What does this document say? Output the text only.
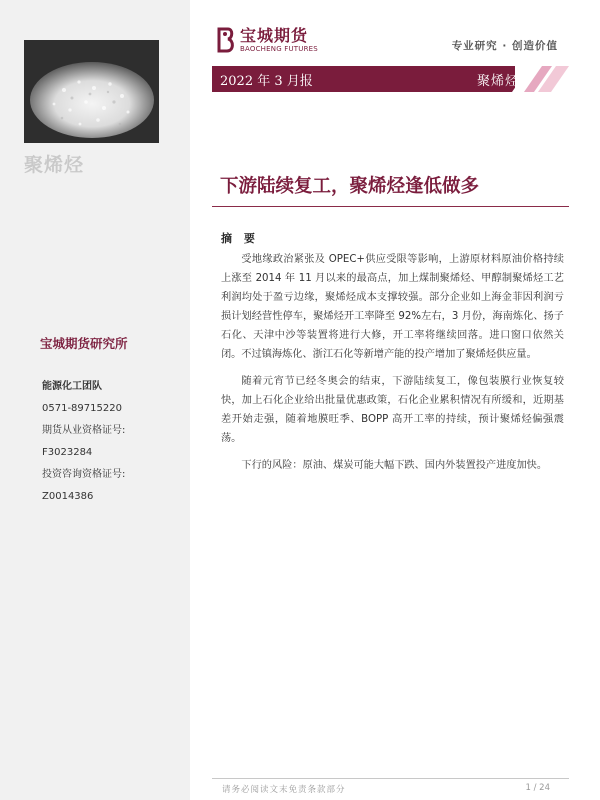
聚烯烃
宝城期货研究所
能源化工团队
0571-89715220
期货从业资格证号:
F3023284
投资咨询资格证号:
Z0014386
宝城期货
BAOCHENG FUTURES	专业研究 · 创造价值
2022 年 3 月报	聚烯烃
下游陆续复工，聚烯烃逢低做多
摘 要

受地缘政治紧张及 OPEC+供应受限等影响，上游原材料原油价格持续上涨至 2014 年 11 月以来的最高点，加上煤制聚烯烃、甲醇制聚烯烃工艺利润均处于盈亏边缘，聚烯烃成本支撑较强。部分企业如上海金菲因利润亏损计划经营性停车，聚烯烃开工率降至 92%左右，3 月份，海南炼化、扬子石化、天津中沙等装置将进行大修，开工率将继续回落。进口窗口依然关闭。不过镇海炼化、浙江石化等新增产能的投产增加了聚烯烃供应量。

随着元宵节已经冬奥会的结束，下游陆续复工，像包装膜行业恢复较快，加上石化企业给出批量优惠政策，石化企业累积情况有所缓和，近期基差开始走强，随着地膜旺季、BOPP 高开工率的持续，预计聚烯烃偏强震荡。

下行的风险：原油、煤炭可能大幅下跌、国内外装置投产进度加快。

请务必阅读文末免责条款部分	1 / 24
